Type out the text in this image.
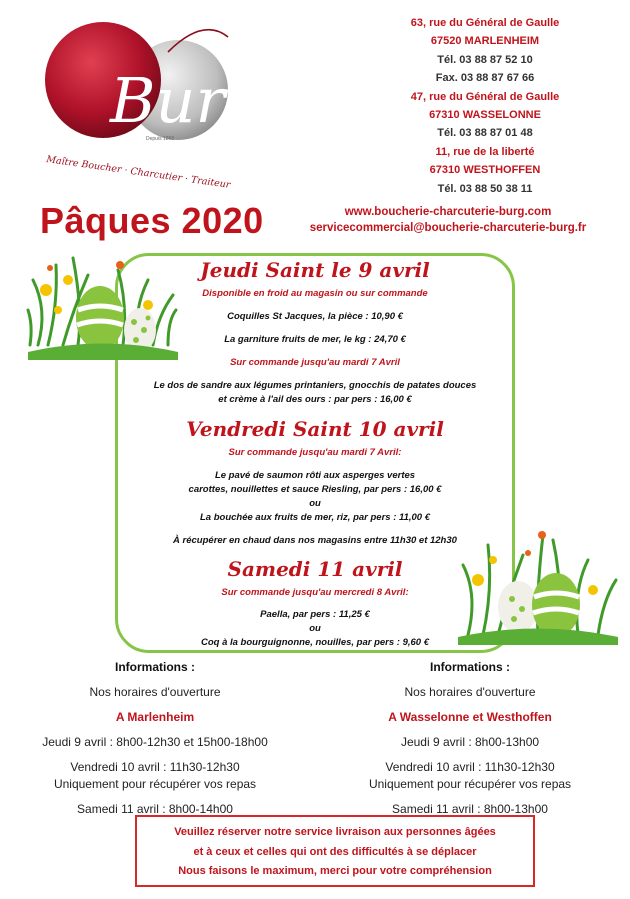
Burg
Depuis 1868
Maître Boucher · Charcutier · Traiteur
63, rue du Général de Gaulle
67520 MARLENHEIM
Tél. 03 88 87 52 10
Fax. 03 88 87 67 66
47, rue du Général de Gaulle
67310 WASSELONNE
Tél. 03 88 87 01 48
11, rue de la liberté
67310 WESTHOFFEN
Tél. 03 88 50 38 11
Pâques 2020	www.boucherie-charcuterie-burg.com
servicecommercial@boucherie-charcuterie-burg.fr
Jeudi Saint le 9 avril
Disponible en froid au magasin ou sur commande
Coquilles St Jacques, la pièce : 10,90 €
La garniture fruits de mer, le kg : 24,70 €
Sur commande jusqu'au mardi 7 Avril
Le dos de sandre aux légumes printaniers, gnocchis de patates douces
et crème à l'ail des ours : par pers : 16,00 €
Vendredi Saint 10 avril
Sur commande jusqu'au mardi 7 Avril:
Le pavé de saumon rôti aux asperges vertes
carottes, nouillettes et sauce Riesling, par pers : 16,00 €
ou
La bouchée aux fruits de mer, riz, par pers : 11,00 €
À récupérer en chaud dans nos magasins entre 11h30 et 12h30
Samedi 11 avril
Sur commande jusqu'au mercredi 8 Avril:
Paella, par pers : 11,25 €
ou
Coq à la bourguignonne, nouilles, par pers : 9,60 €
Informations :
Nos horaires d'ouverture
A Marlenheim
Jeudi 9 avril : 8h00-12h30 et 15h00-18h00
Vendredi 10 avril : 11h30-12h30
Uniquement pour récupérer vos repas
Samedi 11 avril : 8h00-14h00
Informations :
Nos horaires d'ouverture
A Wasselonne et Westhoffen
Jeudi 9 avril : 8h00-13h00
Vendredi 10 avril : 11h30-12h30
Uniquement pour récupérer vos repas
Samedi 11 avril : 8h00-13h00
Veuillez réserver notre service livraison aux personnes âgées
et à ceux et celles qui ont des difficultés à se déplacer
Nous faisons le maximum, merci pour votre compréhension
